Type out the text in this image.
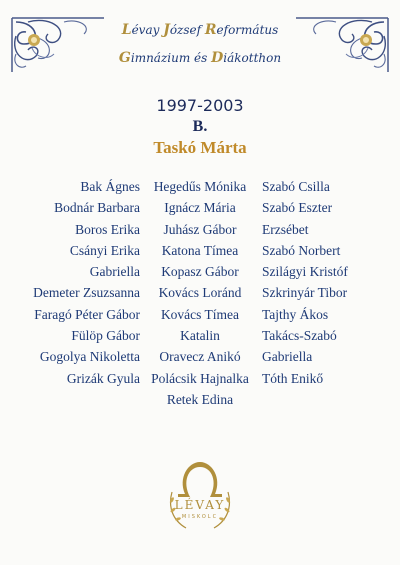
Lévay József Református
Gimnázium és Diákotthon
1997-2003
B.
Taskó Márta
Bak Ágnes
Bodnár Barbara
Boros Erika
Csányi Erika
Gabriella
Demeter Zsuzsanna
Faragó Péter Gábor
Fülöp Gábor
Gogolya Nikoletta
Grizák Gyula
Hegedűs Mónika
Ignácz Mária
Juhász Gábor
Katona Tímea
Kopasz Gábor
Kovács Loránd
Kovács Tímea
Katalin
Oravecz Anikó
Polácsik Hajnalka
Retek Edina
Szabó Csilla
Szabó Eszter
Erzsébet
Szabó Norbert
Szilágyi Kristóf
Szkrinyár Tibor
Tajthy Ákos
Takács-Szabó
Gabriella
Tóth Enikő
LÉVAY
MISKOLC
